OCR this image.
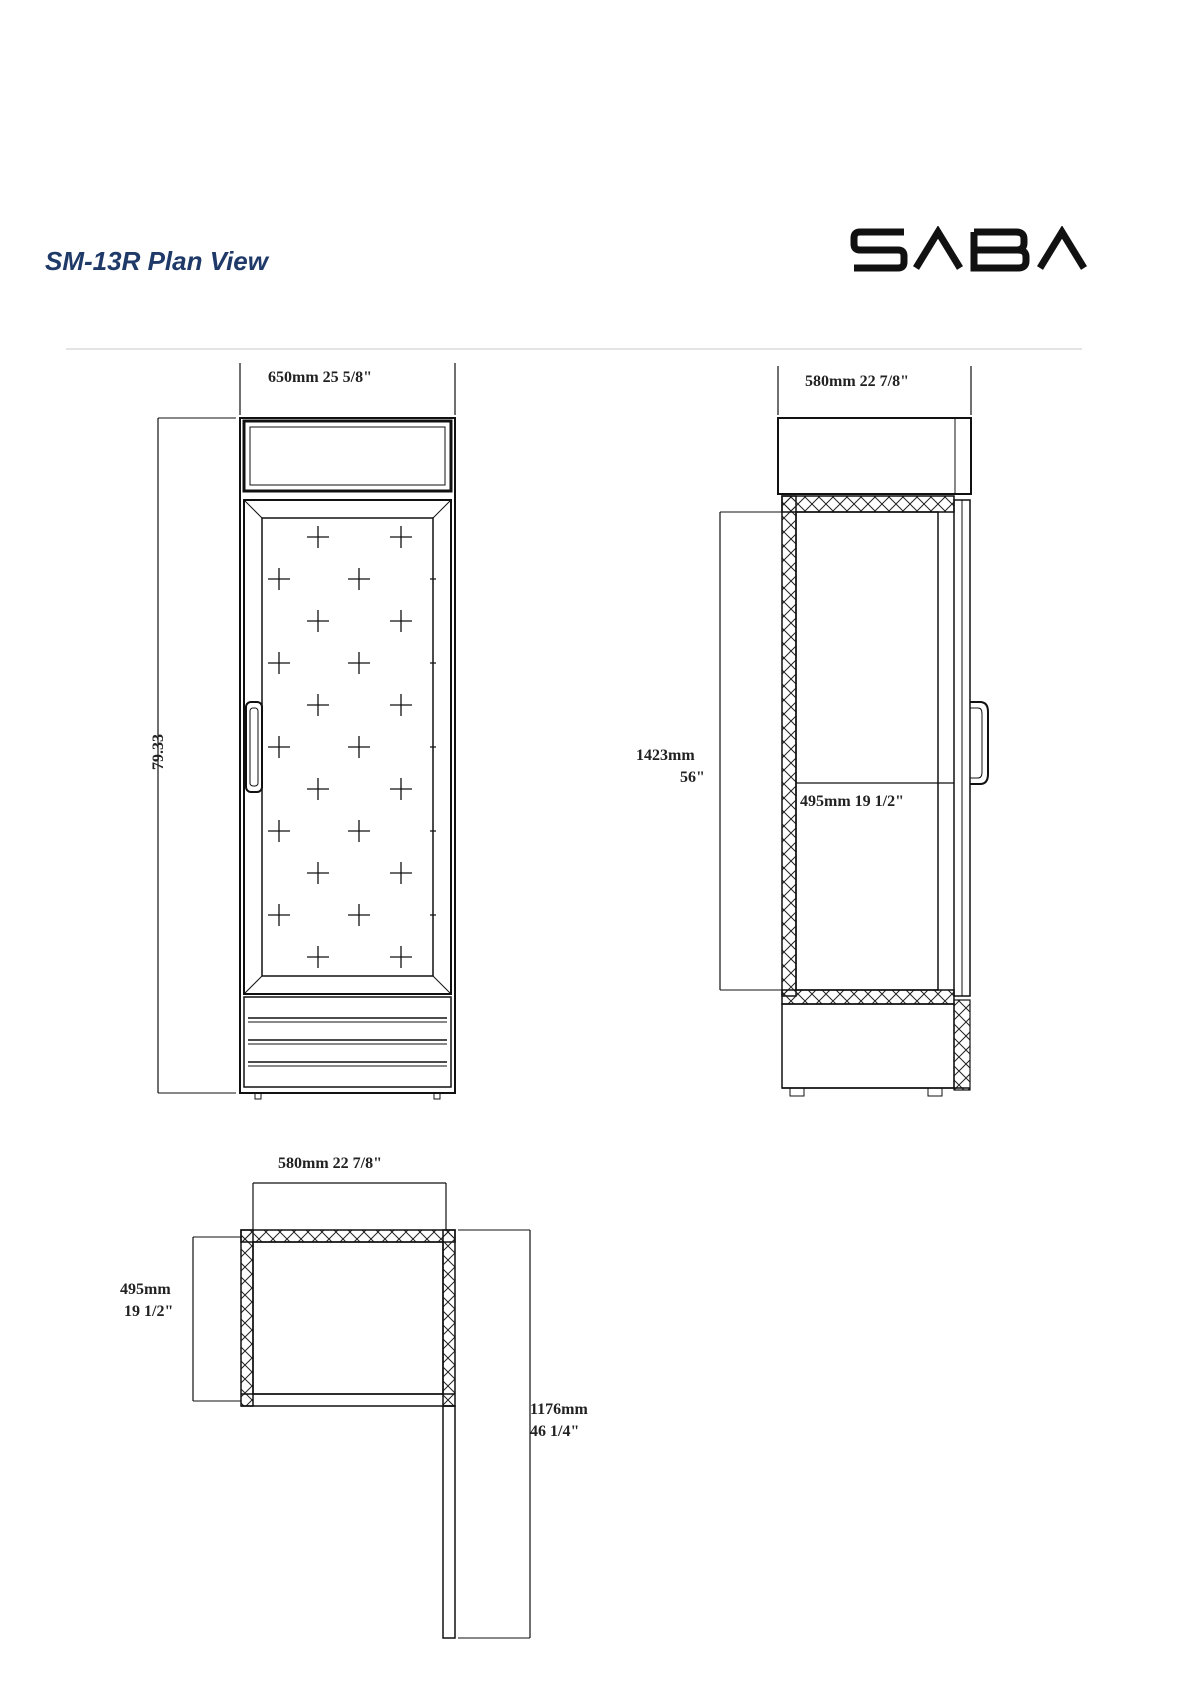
SM-13R Plan View
650mm 25 5/8"
79.33
580mm 22 7/8"
1423mm
56"
495mm 19 1/2"
580mm 22 7/8"
495mm
19 1/2"
1176mm
46 1/4"
